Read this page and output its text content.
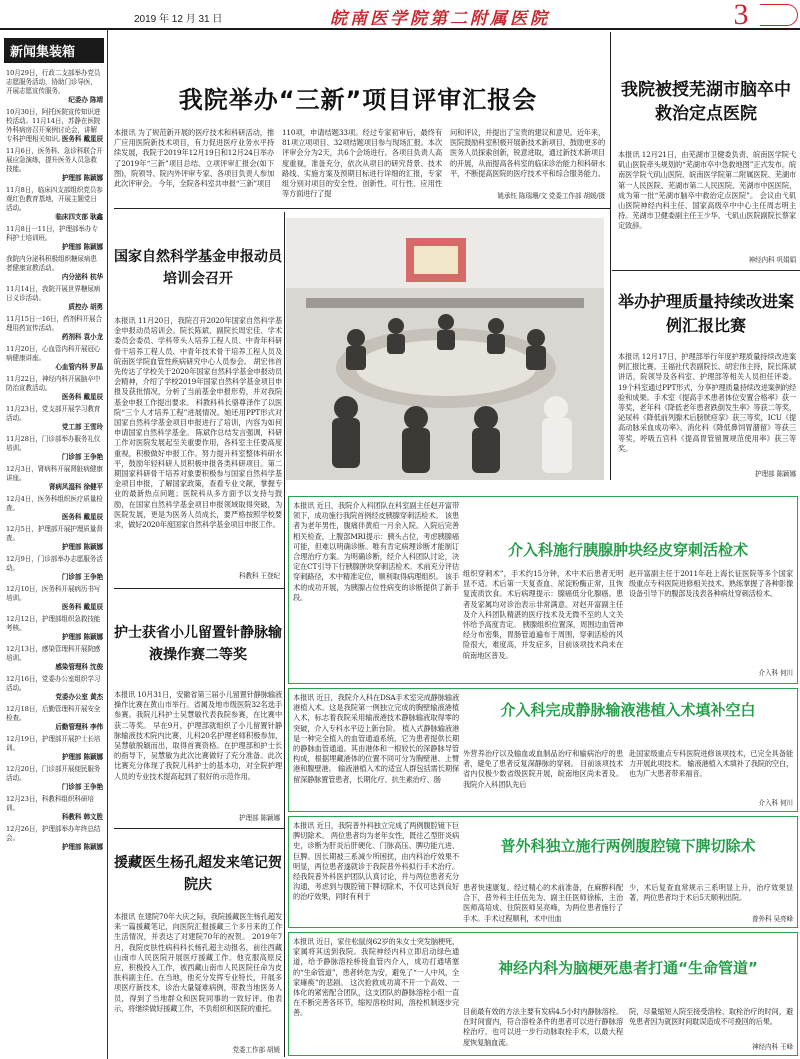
2019 年 12 月 31 日	皖南医学院第二附属医院	3
新闻集装箱
10月29日，行政二支部举办党员志愿服务活动，协助门诊导医，开展志愿宣传服务。
纪委办 陈靖
10月30日，阿托医院宣传知识进校活动。11月14日，苏静在医院外科病房召开案例讨论会，讲解专科护理相关知识。
医务科 戴星辰
11月6日，医务科、急诊科联合开展应急演练，提升医务人员急救技能。
护理部 陈颖娜
11月8日，临床四支部组织党员参观红色教育基地，开展主题党日活动。
临床四支部 耿鑫
11月8日一11日，护理部举办专科护士培训班。
护理部 陈颖娜
我院内分泌科积极组织糖尿病患者健康宣教活动。
内分泌科 杭华
11月14日，我院开展世界糖尿病日义诊活动。
质控办 胡勇
11月15日一16日，药剂科开展合理用药宣传活动。
药剂科 袁小龙
11月20日，心血管内科开展冠心病健康讲座。
心血管内科 罗晶
11月22日，神经内科开展脑卒中防治宣教活动。
医务科 戴星辰
11月23日，党支部开展学习教育活动。
党工部 王雪玲
11月28日，门诊部举办服务礼仪培训。
门诊部 王争艳
12月3日，肾病科开展肾脏病健康讲座。
肾病风湿科 徐健平
12月4日，医务科组织医疗质量检查。
医务科 戴星辰
12月5日，护理部开展护理质量督查。
护理部 陈颖娜
12月9日，门诊部举办志愿服务活动。
门诊部 王争艳
12月10日，医务科开展病历书写培训。
医务科 戴星辰
12月12日，护理部组织急救技能考核。
护理部 陈颖娜
12月13日，感染管理科开展院感培训。
感染管理科 沈俊
12月16日，党委办公室组织学习活动。
党委办公室 黄杰
12月18日，后勤管理科开展安全检查。
后勤管理科 李伟
12月19日，护理部开展护士长培训。
护理部 陈颖娜
12月20日，门诊部开展便民服务活动。
门诊部 王争艳
12月23日，科教科组织科研培训。
科教科 韩文胜
12月26日，护理部举办年终总结会。
护理部 陈颖娜
我院举办“三新”项目评审汇报会
本报讯 为了规范新开展的医疗技术和科研活动，推广应用医院新技术项目，有力促进医疗业务水平持续发展，我院于2019年12月19日和12月24日举办了2019年“三新”项目总结、立项评审汇报会(如下图)，院领导、院内外评审专家、各项目负责人参加此次评审会。 今年，全院各科室共申报“三新”项目
110项，申请结题33项。经过专家初审后，最终有81项立项项目、32项结题项目参与现场汇报。本次评审会分为2天，共6个会场进行。各项目负责人高度重视，准备充分，依次从项目的研究背景、技术路线、实施方案及预期目标进行详细的汇报，专家组分别对项目的安全性、创新性、可行性、应用性等方面进行了提
问和评议，并提出了宝贵的建议和意见。近年来，医院鼓励科室积极开展新技术新项目，鼓励更多的医务人员探索创新，锐意进取，通过新技术新项目的开展，从而提高各科室的临床诊治能力和科研水平，不断提高医院的医疗技术平和综合服务能力。
姚承钰 陈瑞珊/文 党委工作部 胡媛/摄
我院被授芜湖市脑卒中救治定点医院
本报讯 12月21日，由芜湖市卫健委负责、皖南医学院弋矶山医院牵头规划的“芜湖市卒中急救地图”正式发布。皖南医学院弋矶山医院、皖南医学院第二附属医院、芜湖市第一人民医院、芜湖市第二人民医院、芜湖市中医医院，成为第一批“芜湖市脑卒中救治定点医院”。 会议由弋矶山医院神经内科主任、国家高级卒中中心主任周志明主持。芜湖市卫健委副主任王少华、弋矶山医院副院长蔡家定致辞。
神经内科 巩娟娟
举办护理质量持续改进案例汇报比赛
本报讯 12月17日，护理部举行年度护理质量持续改进案例汇报比赛。王福社代表副院长、胡宏伟主持，院长陈斌讲话，院领导及各科室、护理部等相关人员担任评委。 19个科室通过PPT形式，分享护理质量持续改进案例的经验和成果。手术室《提高手术患者体位安置合格率》获一等奖，老年科《降低老年患者跌倒发生率》等获二等奖，泌尿科《降低前列腺术后膀胱痉挛》获三等奖，ICU《提高动脉采血成功率》、消化科《降低鼻饲胃潴留》等获三等奖，呼吸五官科《提高胃管留置规范使用率》获三等奖。
护理部 陈颖娜
国家自然科学基金申报动员培训会召开
本报讯 11月20日，我院召开2020年国家自然科学基金申报动员培训会。院长陈斌、副院长周宏佳、学术委员会委员、学科带头人培养工程人员、中青年科研骨干培养工程人员、中青年技术骨干培养工程人员及皖南医学院血管性疾病研究中心人员参会。 胡宏伟首先传达了学校关于2020年国家自然科学基金申报动员会精神，介绍了学校2019年国家自然科学基金项目申报及获批情况，分析了当前基金申报形势，并对我院基金申报工作提出要求。 科教科科长骆尊泽作了以医院“三个人才培养工程”进展情况。她还用PPT形式对国家自然科学基金项目申报进行了培训，内容为如何申请国家自然科学基金。 陈斌作总结发言强调，科研工作对医院发展起至关重要作用，各科室主任要高度重视，积极做好申报工作。努力提升科室整体科研水平，鼓励年轻科研人员积极申报各类科研项目。第二期国家科研骨干培养对象要积极参与国家自然科学基金项目申报，了解国家政策，查看专业文献，掌握专业的最新热点问题；医院科从多方面予以支持与鼓励，在国家自然科学基金项目申报领域取得突破，为医院发展，更是为医务人员成长，要严格按照学校要求，做好2020年度国家自然科学基金项目申报工作。
科教科 王登纪
护士获省小儿留置针静脉输液操作赛二等奖
本报讯 10月31日，安徽省第三届小儿留置针静脉输液操作比赛在黄山市举行。省属及地市级医院32名选手参赛。我院儿科护士吴慧敏代表我院参赛，在比赛中获二等奖。 早在9月，护理部就组织了小儿留置针静脉输液技术院内比赛，儿科20名护理老师积极参加，吴慧敏脱颖而出，取得首赛资格。在护理部和护士长的指导下，吴慧敏为此次比赛做好了充分准备。此次比赛充分体现了我院儿科护士的基本功，对全院护理人员的专业技术提高起到了很好的示范作用。
护理部 陈颖娜
援藏医生杨孔超发来笔记贺院庆
本报讯 在建院70年大庆之际，我院援藏医生杨孔超发来一篇援藏笔记，向医院汇报援藏三个多月来的工作生活情况，并表达了对建院70年的祝贺。 2019年7月，我院皮肤性病科科长杨孔超主动报名，前往西藏山南市人民医院开展医疗援藏工作。他克服高原反应，积极投入工作，被西藏山南市人民医院任命为皮肤科副主任。在当地，他充分发挥专业特长，开展多项医疗新技术，诊治大量疑难病例，带教当地医务人员，得到了当地群众和医院同事的一致好评。他表示，将继续做好援藏工作，不负组织和医院的重托。
党委工作部 胡媛
本报讯 近日，我院介入科团队在科室副主任赵开富带领下，成功施行我院首例经皮胰腺穿刺活检术。 该患者为老年男性，腹痛伴黄疸一月余入院。入院后完善相关检查，上腹部MRI提示：胰头占位，考虑胰腺癌可能，但难以明确诊断。唯有肯定病理诊断才能制订合理治疗方案。为明确诊断，经介入科团队讨论，决定在CT引导下行胰腺肿块穿刺活检术。术前充分评估穿刺路径，术中精准定位，顺利取得病理组织。 该手术的成功开展，为胰腺占位性病变的诊断提供了新手段。
介入科施行胰腺肿块经皮穿刺活检术
组织穿刺术”，手术约15分钟，术中术后患者无明显不适。术后第一天复查血、尿淀粉酶正常，且恢复流质饮食。术后病理提示：腺癌低分化腺癌。患者及家属均对诊治表示非常满意。对赵开富副主任及介入科团队精湛的医疗技术及无微不至的人文关怀给予高度肯定。 胰腺组织位置深，周围边血管神经分布密集，胃肠管道遍布于周围，穿刺活检的风险很大，难度高，并发症多，目前该项技术尚未在皖南地区普及。
赵开富副主任于2011年赴上海长征医院等多个国家级重点专科医院进修相关技术。熟练掌握了各种影像设备引导下的腹部及浅表各种病灶穿刺活检术。
介入科 何川
本报讯 近日，我院介入科在DSA手术室完成静脉输液港植入术。这是我院第一例独立完成的胸壁输液港植入术，标志着我院采用输液港技术静脉输液取得零的突破，介入专科水平迈上新台阶。 植入式静脉输液港是一种完全植入的血管通道系统，它为患者提供长期的静脉血管通道。其由港体和一根较长的深静脉导管构成，根据埋藏港体的位置不同可分为胸壁港、上臂港和腹壁港。 输液港植入术的适宜人群包括需长期保留深静脉置管患者，长期化疗、抗生素治疗、肠
介入科完成静脉输液港植入术填补空白
外营养治疗以及输血或血制品治疗和输病治疗的患者，避免了患者反复深静脉的穿刺。 目前该项技术省内仅极少数省级医院开展，皖南地区尚未普及。我院介入科团队先后
赴国家级重点专科医院进修该项技术，已完全具备能力开展此项技术。 输液港植入术填补了我院的空白，也为广大患者带来福音。
介入科 何川
本报讯 近日，我院普外科独立完成了两例腹腔镜下巨脾切除术。 两位患者均为老年女性，既往乙型肝炎病史，诊断为肝炎后肝硬化、门脉高压、脾功能亢进、巨脾。因长期被三系减少所困扰，由内科治疗效果不明显，两位患者遂就诊于我院普外科拟行手术治疗。 经我院普外科医护团队认真讨论，并与两位患者充分沟通，考虑到与腹腔镜下脾切除术，不仅可达到良好的治疗效果，同时有利于
普外科独立施行两例腹腔镜下脾切除术
患者快速康复。经过精心的术前准备，在麻醉科配合下，普外科主任伍先为、副主任医师徐栋，主治医师高培成、住院医师吴亮峰，为两位患者施行了手术。手术过程顺利，术中出血
少，术后复查血常规示三系明显上升，治疗效果显著，两位患者均于术后5天顺利出院。
普外科 吴亮峰
本报讯 近日，家住松鼠岗62岁的朱女士突发脑梗死，家属将其送到我院。我院神经内科立即启动绿色通道，给予静脉溶栓桥接血管内介入，成功打通堵塞的“生命管道”，患者转危为安，避免了“一人中风，全家瘫痪”的悲剧。 这次抢救成功离不开一个高效、一体化的紧密配合团队，这支团队的静脉溶栓小组一直在不断完善各环节，缩短溶栓时间，溶栓机制逐步完善。
神经内科为脑梗死患者打通“生命管道”
目前最有效的方法主要有发病4.5小时内静脉溶栓。在时间窗内，符合溶栓条件的患者可以进行静脉溶栓治疗，也可以进一步行动脉取栓手术，以最大程度恢复脑血流。
院，尽量缩短入院至接受溶栓、取栓治疗的时间，避免患者因为就医时间耽误造成不可挽回的后果。
神经内科 王峰
